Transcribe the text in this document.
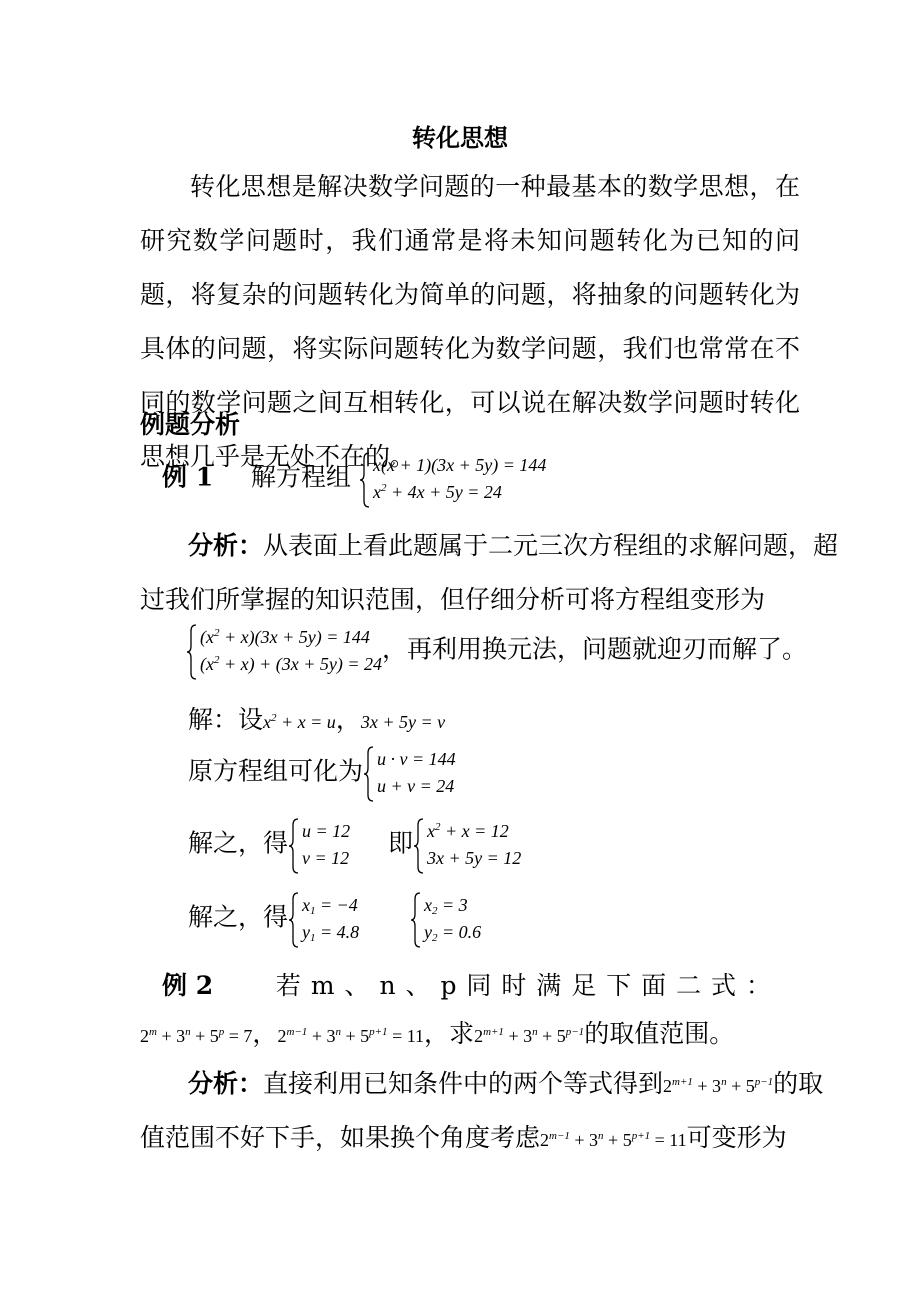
转化思想
转化思想是解决数学问题的一种最基本的数学思想，在研究数学问题时，我们通常是将未知问题转化为已知的问题，将复杂的问题转化为简单的问题，将抽象的问题转化为具体的问题，将实际问题转化为数学问题，我们也常常在不同的数学问题之间互相转化，可以说在解决数学问题时转化思想几乎是无处不在的。
例题分析
例 1 解方程组 x(x + 1)(3x + 5y) = 144
$x^2 + 4x + 5y = 24$
分析：从表面上看此题属于二元三次方程组的求解问题，超
过我们所掌握的知识范围，但仔细分析可将方程组变形为
$(x^2 + x)(3x + 5y) = 144$
$(x^2 + x) + (3x + 5y) = 24$
，再利用换元法，问题就迎刃而解了。
解：设$x^2 + x = u$，3x + 5y = v
原方程组可化为 u · v = 144
u + v = 24
解之，得 u = 12
v = 12
即 $x^2 + x = 12$
3x + 5y = 12
解之，得 $x_1 = -4$
$y_1 = 4.8$
$x_2 = 3$
$y_2 = 0.6$
例 2	若 m 、 n 、 p 同 时 满 足 下 面 二 式 ：
$2^m + 3^n + 5^p = 7$，$2^{m-1} + 3^n + 5^{p+1} = 11$，求$2^{m+1} + 3^n + 5^{p-1}$的取值范围。
分析：直接利用已知条件中的两个等式得到$2^{m+1} + 3^n + 5^{p-1}$的取
值范围不好下手，如果换个角度考虑$2^{m-1} + 3^n + 5^{p+1} = 11$可变形为
